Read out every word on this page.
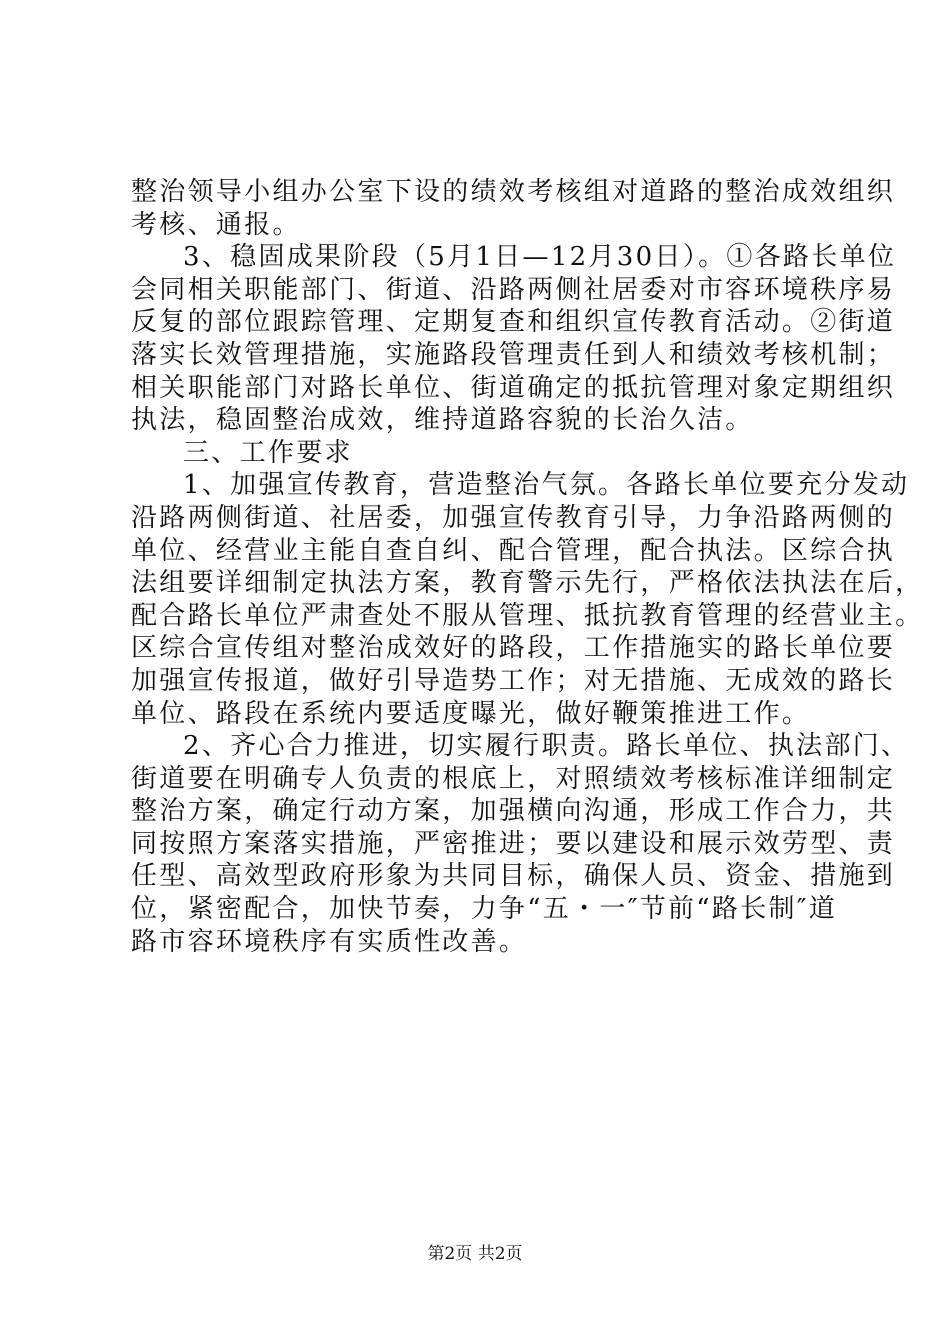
整治领导小组办公室下设的绩效考核组对道路的整治成效组织
考核、通报。
3、稳固成果阶段（5月1日—12月30日）。①各路长单位
会同相关职能部门、街道、沿路两侧社居委对市容环境秩序易
反复的部位跟踪管理、定期复查和组织宣传教育活动。②街道
落实长效管理措施，实施路段管理责任到人和绩效考核机制；
相关职能部门对路长单位、街道确定的抵抗管理对象定期组织
执法，稳固整治成效，维持道路容貌的长治久洁。
三、工作要求
1、加强宣传教育，营造整治气氛。各路长单位要充分发动
沿路两侧街道、社居委，加强宣传教育引导，力争沿路两侧的
单位、经营业主能自查自纠、配合管理，配合执法。区综合执
法组要详细制定执法方案，教育警示先行，严格依法执法在后，
配合路长单位严肃查处不服从管理、抵抗教育管理的经营业主。
区综合宣传组对整治成效好的路段，工作措施实的路长单位要
加强宣传报道，做好引导造势工作；对无措施、无成效的路长
单位、路段在系统内要适度曝光，做好鞭策推进工作。
2、齐心合力推进，切实履行职责。路长单位、执法部门、
街道要在明确专人负责的根底上，对照绩效考核标准详细制定
整治方案，确定行动方案，加强横向沟通，形成工作合力，共
同按照方案落实措施，严密推进；要以建设和展示效劳型、责
任型、高效型政府形象为共同目标，确保人员、资金、措施到
位，紧密配合，加快节奏，力争“五・一″节前“路长制″道
路市容环境秩序有实质性改善。
第2页 共2页
